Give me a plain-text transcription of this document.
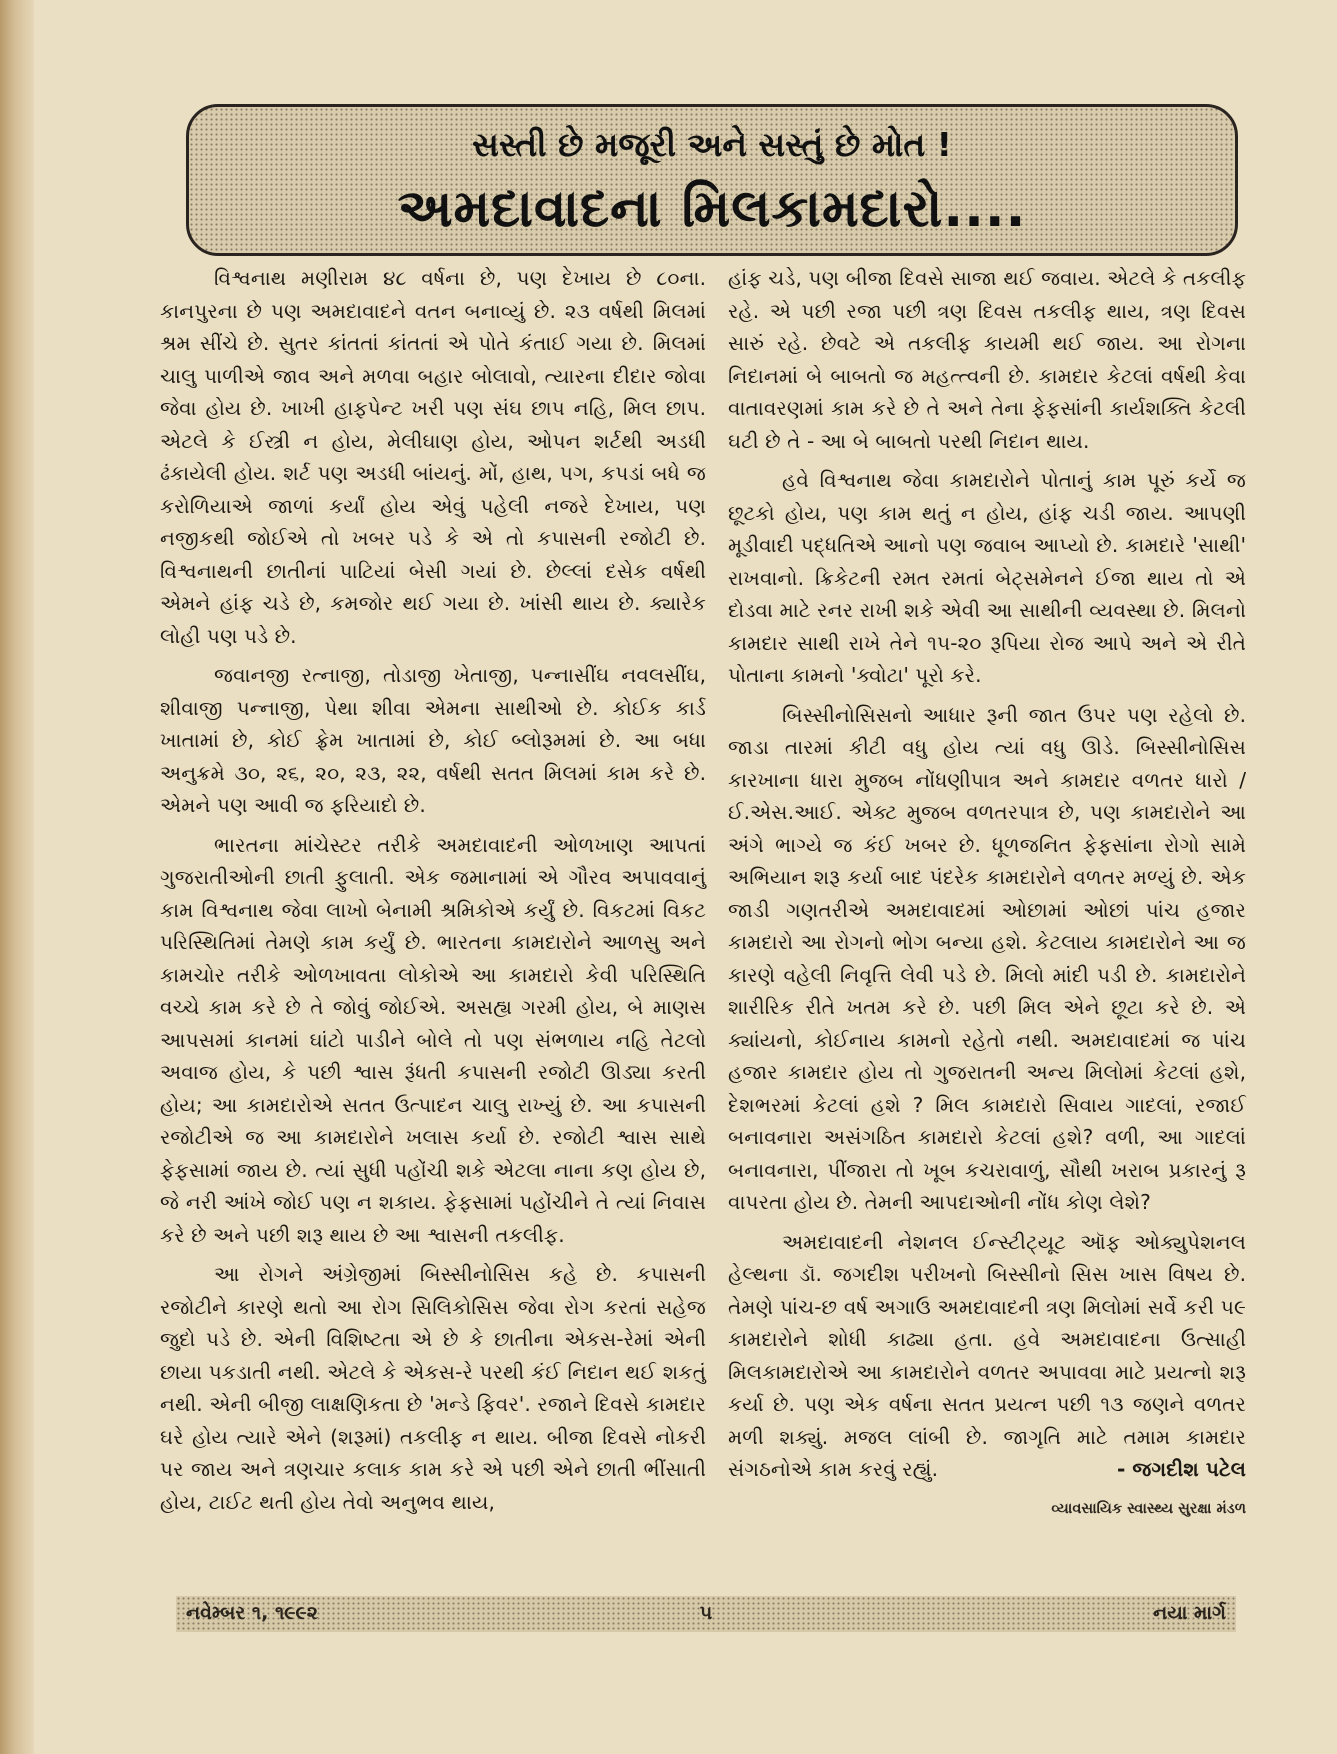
સસ્તી છે મજૂરી અને સસ્તું છે મોત !
અમદાવાદના મિલકામદારો....

વિશ્વનાથ મણીરામ ૪૮ વર્ષના છે, પણ દેખાય છે ૮૦ના. કાનપુરના છે પણ અમદાવાદને વતન બનાવ્યું છે. ૨૩ વર્ષથી મિલમાં શ્રમ સીંચે છે. સુતર કાંતતાં કાંતતાં એ પોતે કંતાઈ ગયા છે. મિલમાં ચાલુ પાળીએ જાવ અને મળવા બહાર બોલાવો, ત્યારના દીદાર જોવા જેવા હોય છે. ખાખી હાફપેન્ટ ખરી પણ સંઘ છાપ નહિ, મિલ છાપ. એટલે કે ઈસ્ત્રી ન હોય, મેલીઘાણ હોય, ઓપન શર્ટથી અડધી ઢંકાયેલી હોય. શર્ટ પણ અડધી બાંયનું. મોં, હાથ, પગ, કપડાં બધે જ કરોળિયાએ જાળાં કર્યાં હોય એવું પહેલી નજરે દેખાય, પણ નજીકથી જોઈએ તો ખબર પડે કે એ તો કપાસની રજોટી છે. વિશ્વનાથની છાતીનાં પાટિયાં બેસી ગયાં છે. છેલ્લાં દસેક વર્ષથી એમને હાંફ ચડે છે, કમજોર થઈ ગયા છે. ખાંસી થાય છે. ક્યારેક લોહી પણ પડે છે.

જવાનજી રત્નાજી, તોડાજી ખેતાજી, પન્નાસીંઘ નવલસીંઘ, શીવાજી પન્નાજી, પેથા શીવા એમના સાથીઓ છે. કોઈક કાર્ડ ખાતામાં છે, કોઈ ફ્રેમ ખાતામાં છે, કોઈ બ્લોરૂમમાં છે. આ બધા અનુક્રમે ૩૦, ૨૬, ૨૦, ૨૩, ૨૨, વર્ષથી સતત મિલમાં કામ કરે છે. એમને પણ આવી જ ફરિયાદો છે.

ભારતના માંચેસ્ટર તરીકે અમદાવાદની ઓળખાણ આપતાં ગુજરાતીઓની છાતી ફુલાતી. એક જમાનામાં એ ગૌરવ અપાવવાનું કામ વિશ્વનાથ જેવા લાખો બેનામી શ્રમિકોએ કર્યું છે. વિકટમાં વિકટ પરિસ્થિતિમાં તેમણે કામ કર્યું છે. ભારતના કામદારોને આળસુ અને કામચોર તરીકે ઓળખાવતા લોકોએ આ કામદારો કેવી પરિસ્થિતિ વચ્ચે કામ કરે છે તે જોવું જોઈએ. અસહ્ય ગરમી હોય, બે માણસ આપસમાં કાનમાં ઘાંટો પાડીને બોલે તો પણ સંભળાય નહિ તેટલો અવાજ હોય, કે પછી શ્વાસ રૂંધતી કપાસની રજોટી ઊડ્યા કરતી હોય; આ કામદારોએ સતત ઉત્પાદન ચાલુ રાખ્યું છે. આ કપાસની રજોટીએ જ આ કામદારોને ખલાસ કર્યા છે. રજોટી શ્વાસ સાથે ફેફસામાં જાય છે. ત્યાં સુધી પહોંચી શકે એટલા નાના કણ હોય છે, જે નરી આંખે જોઈ પણ ન શકાય. ફેફસામાં પહોંચીને તે ત્યાં નિવાસ કરે છે અને પછી શરૂ થાય છે આ શ્વાસની તકલીફ.

આ રોગને અંગ્રેજીમાં બિસ્સીનોસિસ કહે છે. કપાસની રજોટીને કારણે થતો આ રોગ સિલિકોસિસ જેવા રોગ કરતાં સહેજ જુદો પડે છે. એની વિશિષ્ટતા એ છે કે છાતીના એકસ-રેમાં એની છાયા પકડાતી નથી. એટલે કે એકસ-રે પરથી કંઈ નિદાન થઈ શકતું નથી. એની બીજી લાક્ષણિકતા છે 'મન્ડે ફિવર'. રજાને દિવસે કામદાર ઘરે હોય ત્યારે એને (શરૂમાં) તકલીફ ન થાય. બીજા દિવસે નોકરી પર જાય અને ત્રણચાર કલાક કામ કરે એ પછી એને છાતી ભીંસાતી હોય, ટાઈટ થતી હોય તેવો અનુભવ થાય,

હાંફ ચડે, પણ બીજા દિવસે સાજા થઈ જવાય. એટલે કે તકલીફ રહે. એ પછી રજા પછી ત્રણ દિવસ તકલીફ થાય, ત્રણ દિવસ સારું રહે. છેવટે એ તકલીફ કાયમી થઈ જાય. આ રોગના નિદાનમાં બે બાબતો જ મહત્ત્વની છે. કામદાર કેટલાં વર્ષથી કેવા વાતાવરણમાં કામ કરે છે તે અને તેના ફેફસાંની કાર્યશક્તિ કેટલી ઘટી છે તે - આ બે બાબતો પરથી નિદાન થાય.

હવે વિશ્વનાથ જેવા કામદારોને પોતાનું કામ પૂરું કર્યે જ છૂટકો હોય, પણ કામ થતું ન હોય, હાંફ ચડી જાય. આપણી મૂડીવાદી પદ્ધતિએ આનો પણ જવાબ આપ્યો છે. કામદારે 'સાથી' રાખવાનો. ક્રિકેટની રમત રમતાં બેટ્સમેનને ઈજા થાય તો એ દોડવા માટે રનર રાખી શકે એવી આ સાથીની વ્યવસ્થા છે. મિલનો કામદાર સાથી રાખે તેને ૧૫-૨૦ રૂપિયા રોજ આપે અને એ રીતે પોતાના કામનો 'ક્વોટા' પૂરો કરે.

બિસ્સીનોસિસનો આધાર રૂની જાત ઉપર પણ રહેલો છે. જાડા તારમાં કીટી વધુ હોય ત્યાં વધુ ઊડે. બિસ્સીનોસિસ કારખાના ધારા મુજબ નોંધણીપાત્ર અને કામદાર વળતર ધારો / ઈ.એસ.આઈ. એક્ટ મુજબ વળતરપાત્ર છે, પણ કામદારોને આ અંગે ભાગ્યે જ કંઈ ખબર છે. ધૂળજનિત ફેફસાંના રોગો સામે અભિયાન શરૂ કર્યા બાદ પંદરેક કામદારોને વળતર મળ્યું છે. એક જાડી ગણતરીએ અમદાવાદમાં ઓછામાં ઓછાં પાંચ હજાર કામદારો આ રોગનો ભોગ બન્યા હશે. કેટલાય કામદારોને આ જ કારણે વહેલી નિવૃત્તિ લેવી પડે છે. મિલો માંદી પડી છે. કામદારોને શારીરિક રીતે ખતમ કરે છે. પછી મિલ એને છૂટા કરે છે. એ ક્યાંયનો, કોઈનાય કામનો રહેતો નથી. અમદાવાદમાં જ પાંચ હજાર કામદાર હોય તો ગુજરાતની અન્ય મિલોમાં કેટલાં હશે, દેશભરમાં કેટલાં હશે ? મિલ કામદારો સિવાય ગાદલાં, રજાઈ બનાવનારા અસંગઠિત કામદારો કેટલાં હશે? વળી, આ ગાદલાં બનાવનારા, પીંજારા તો ખૂબ કચરાવાળું, સૌથી ખરાબ પ્રકારનું રૂ વાપરતા હોય છે. તેમની આપદાઓની નોંધ કોણ લેશે?

અમદાવાદની નેશનલ ઈન્સ્ટીટ્યૂટ ઑફ ઓક્યુપેશનલ હેલ્થના ડૉ. જગદીશ પરીખનો બિસ્સીનો સિસ ખાસ વિષય છે. તેમણે પાંચ-છ વર્ષ અગાઉ અમદાવાદની ત્રણ મિલોમાં સર્વે કરી ૫૯ કામદારોને શોધી કાઢ્યા હતા. હવે અમદાવાદના ઉત્સાહી મિલકામદારોએ આ કામદારોને વળતર અપાવવા માટે પ્રયત્નો શરૂ કર્યા છે. પણ એક વર્ષના સતત પ્રયત્ન પછી ૧૩ જણને વળતર મળી શક્યું. મજલ લાંબી છે. જાગૃતિ માટે તમામ કામદાર સંગઠનોએ કામ કરવું રહ્યું.	- જગદીશ પટેલ

વ્યાવસાયિક સ્વાસ્થ્ય સુરક્ષા મંડળ
નવેમ્બર ૧, ૧૯૯૨	૫	નયા માર્ગ
